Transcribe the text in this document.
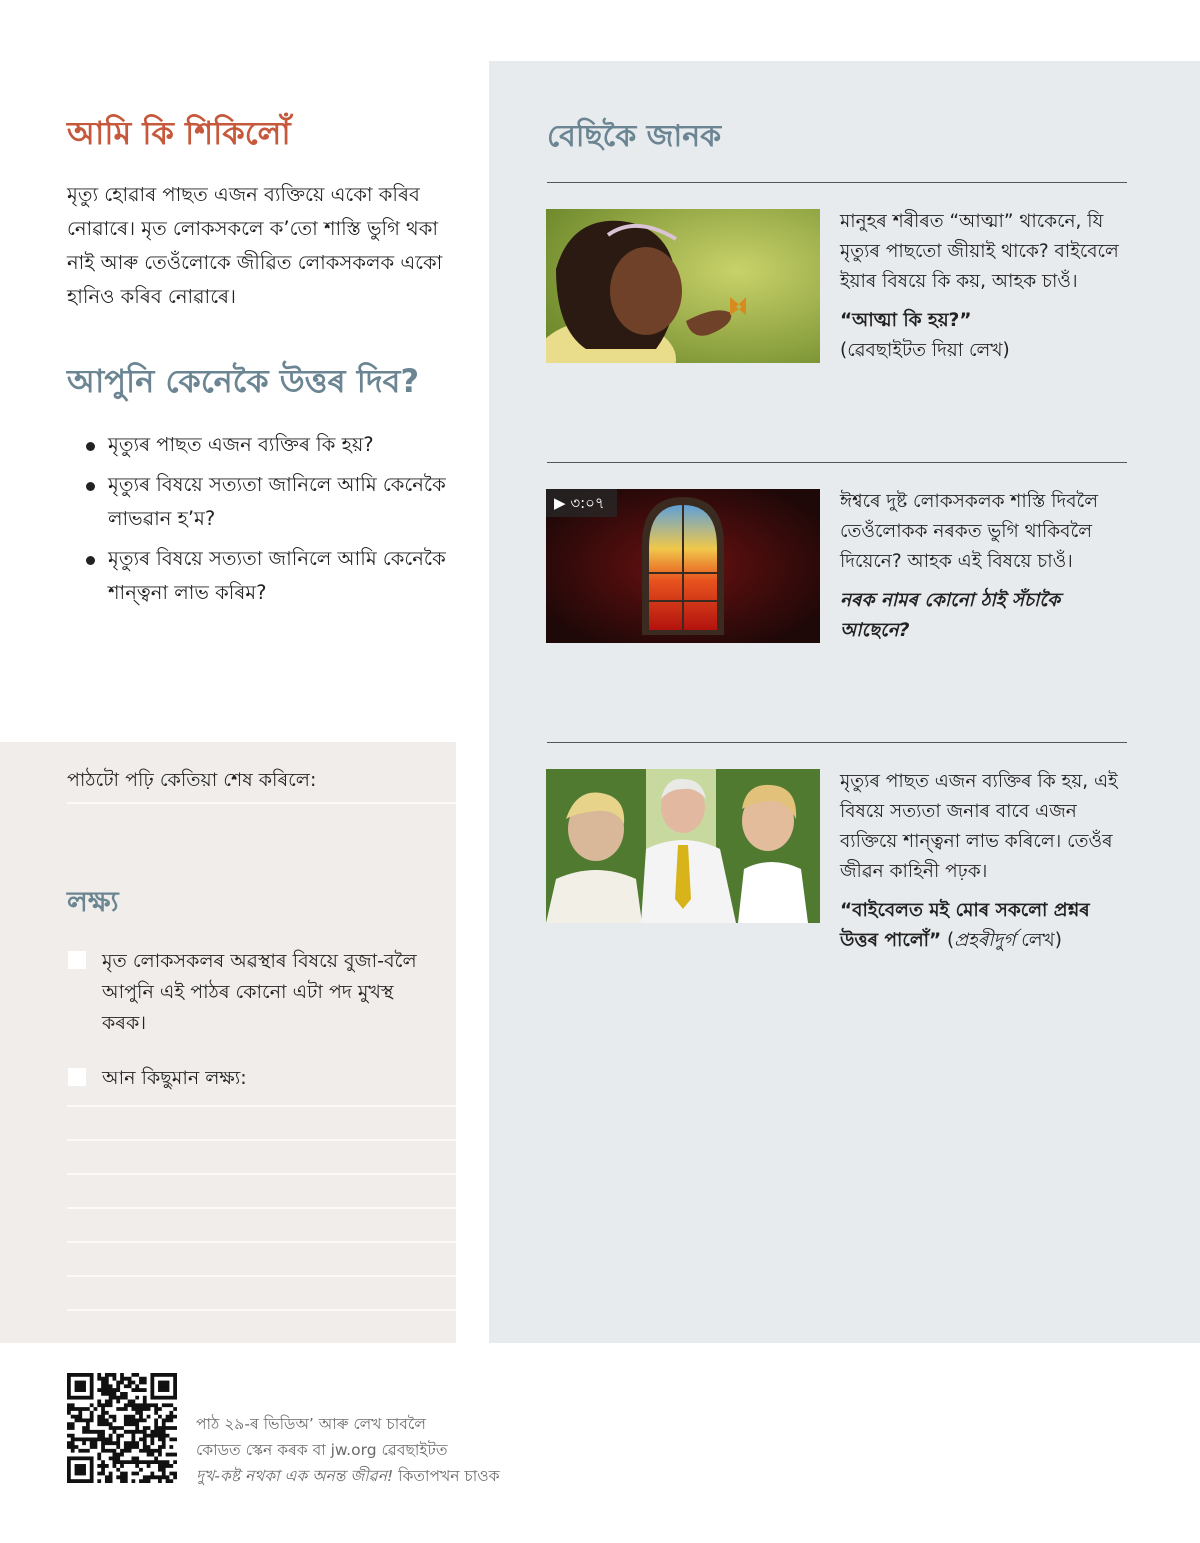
আমি কি শিকিলোঁ

মৃত্যু হোৱাৰ পাছত এজন ব্যক্তিয়ে একো কৰিব নোৱাৰে। মৃত লোকসকলে ক’তো শাস্তি ভুগি থকা নাই আৰু তেওঁলোকে জীৱিত লোকসকলক একো হানিও কৰিব নোৱাৰে।

আপুনি কেনেকৈ উত্তৰ দিব?
মৃত্যুৰ পাছত এজন ব্যক্তিৰ কি হয়?
মৃত্যুৰ বিষয়ে সত্যতা জানিলে আমি কেনেকৈ লাভৱান হ’ম?
মৃত্যুৰ বিষয়ে সত্যতা জানিলে আমি কেনেকৈ শান্ত্বনা লাভ কৰিম?
বেছিকৈ জানক

মানুহৰ শৰীৰত “আত্মা” থাকেনে, যি মৃত্যুৰ পাছতো জীয়াই থাকে? বাইবেলে ইয়াৰ বিষয়ে কি কয়, আহক চাওঁ।

“আত্মা কি হয়?”

(ৱেবছাইটত দিয়া লেখ)

▶ ৩:০৭	ঈশ্বৰে দুষ্ট লোকসকলক শাস্তি দিবলৈ তেওঁলোকক নৰকত ভুগি থাকিবলৈ দিয়েনে? আহক এই বিষয়ে চাওঁ।

নৰক নামৰ কোনো ঠাই সঁচাকৈ আছেনে?

মৃত্যুৰ পাছত এজন ব্যক্তিৰ কি হয়, এই বিষয়ে সত্যতা জনাৰ বাবে এজন ব্যক্তিয়ে শান্ত্বনা লাভ কৰিলে। তেওঁৰ জীৱন কাহিনী পঢ়ক।

“বাইবেলত মই মোৰ সকলো প্ৰশ্নৰ উত্তৰ পালোঁ” (প্ৰহৰীদুৰ্গ লেখ)

পাঠটো পঢ়ি কেতিয়া শেষ কৰিলে:

লক্ষ্য

মৃত লোকসকলৰ অৱস্থাৰ বিষয়ে বুজা-বলৈ আপুনি এই পাঠৰ কোনো এটা পদ মুখস্থ কৰক।

আন কিছুমান লক্ষ্য:

পাঠ ২৯-ৰ ভিডিঅ’ আৰু লেখ চাবলৈ

কোডত স্কেন কৰক বা jw.org ৱেবছাইটত

দুখ-কষ্ট নথকা এক অনন্ত জীৱন! কিতাপখন চাওক
